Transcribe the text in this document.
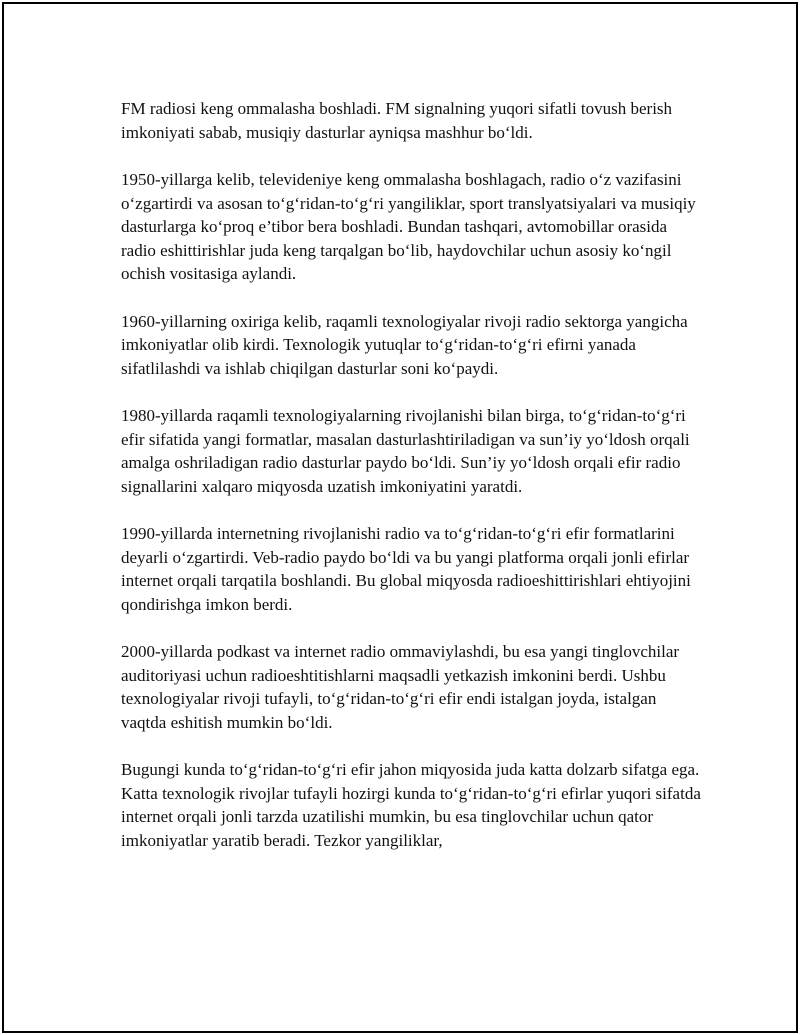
FM radiosi keng ommalasha boshladi. FM signalning yuqori sifatli tovush berish imkoniyati sabab, musiqiy dasturlar ayniqsa mashhur bo‘ldi.

1950-yillarga kelib, televideniye keng ommalasha boshlagach, radio o‘z vazifasini o‘zgartirdi va asosan to‘g‘ridan-to‘g‘ri yangiliklar, sport translyatsiyalari va musiqiy dasturlarga ko‘proq e’tibor bera boshladi. Bundan tashqari, avtomobillar orasida radio eshittirishlar juda keng tarqalgan bo‘lib, haydovchilar uchun asosiy ko‘ngil ochish vositasiga aylandi.

1960-yillarning oxiriga kelib, raqamli texnologiyalar rivoji radio sektorga yangicha imkoniyatlar olib kirdi. Texnologik yutuqlar to‘g‘ridan-to‘g‘ri efirni yanada sifatlilashdi va ishlab chiqilgan dasturlar soni ko‘paydi.

1980-yillarda raqamli texnologiyalarning rivojlanishi bilan birga, to‘g‘ridan-to‘g‘ri efir sifatida yangi formatlar, masalan dasturlashtiriladigan va sun’iy yo‘ldosh orqali amalga oshriladigan radio dasturlar paydo bo‘ldi. Sun’iy yo‘ldosh orqali efir radio signallarini xalqaro miqyosda uzatish imkoniyatini yaratdi.

1990-yillarda internetning rivojlanishi radio va to‘g‘ridan-to‘g‘ri efir formatlarini deyarli o‘zgartirdi. Veb-radio paydo bo‘ldi va bu yangi platforma orqali jonli efirlar internet orqali tarqatila boshlandi. Bu global miqyosda radioeshittirishlari ehtiyojini qondirishga imkon berdi.

2000-yillarda podkast va internet radio ommaviylashdi, bu esa yangi tinglovchilar auditoriyasi uchun radioeshtitishlarni maqsadli yetkazish imkonini berdi. Ushbu texnologiyalar rivoji tufayli, to‘g‘ridan-to‘g‘ri efir endi istalgan joyda, istalgan vaqtda eshitish mumkin bo‘ldi.

Bugungi kunda to‘g‘ridan-to‘g‘ri efir jahon miqyosida juda katta dolzarb sifatga ega. Katta texnologik rivojlar tufayli hozirgi kunda to‘g‘ridan-to‘g‘ri efirlar yuqori sifatda internet orqali jonli tarzda uzatilishi mumkin, bu esa tinglovchilar uchun qator imkoniyatlar yaratib beradi. Tezkor yangiliklar,
